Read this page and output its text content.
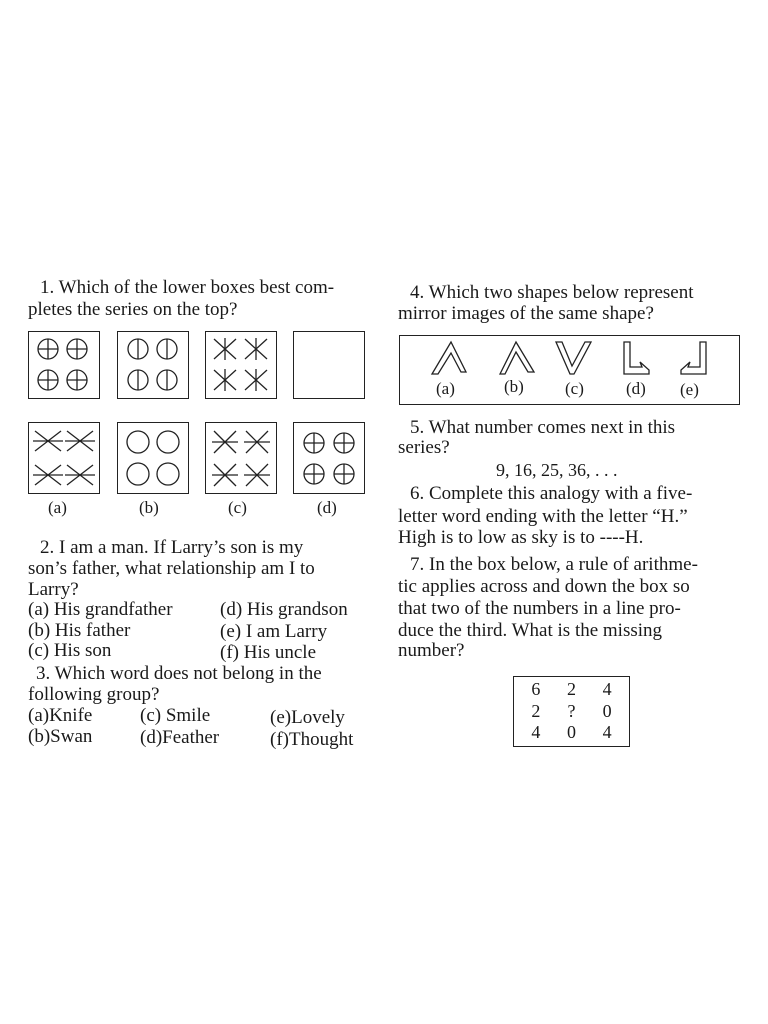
1. Which of the lower boxes best com-
pletes the series on the top?
(a)	(b)	(c)	(d)
2. I am a man. If Larry’s son is my
son’s father, what relationship am I to
Larry?
(a) His grandfather (d) His grandson
(b) His father	(e) I am Larry
(c) His son	(f) His uncle
3. Which word does not belong in the
following group?
(a)Knife	(c) Smile	(e)Lovely
(b)Swan	(d)Feather	(f)Thought
4. Which two shapes below represent
mirror images of the same shape?
(a)	(b) (c) (d) (e)
5. What number comes next in this
series?
9, 16, 25, 36, . . .
6. Complete this analogy with a five-
letter word ending with the letter “H.”
High is to low as sky is to ----H.
7. In the box below, a rule of arithme-
tic applies across and down the box so
that two of the numbers in a line pro-
duce the third. What is the missing
number?
6	2	4
2	?	0
4	0	4
